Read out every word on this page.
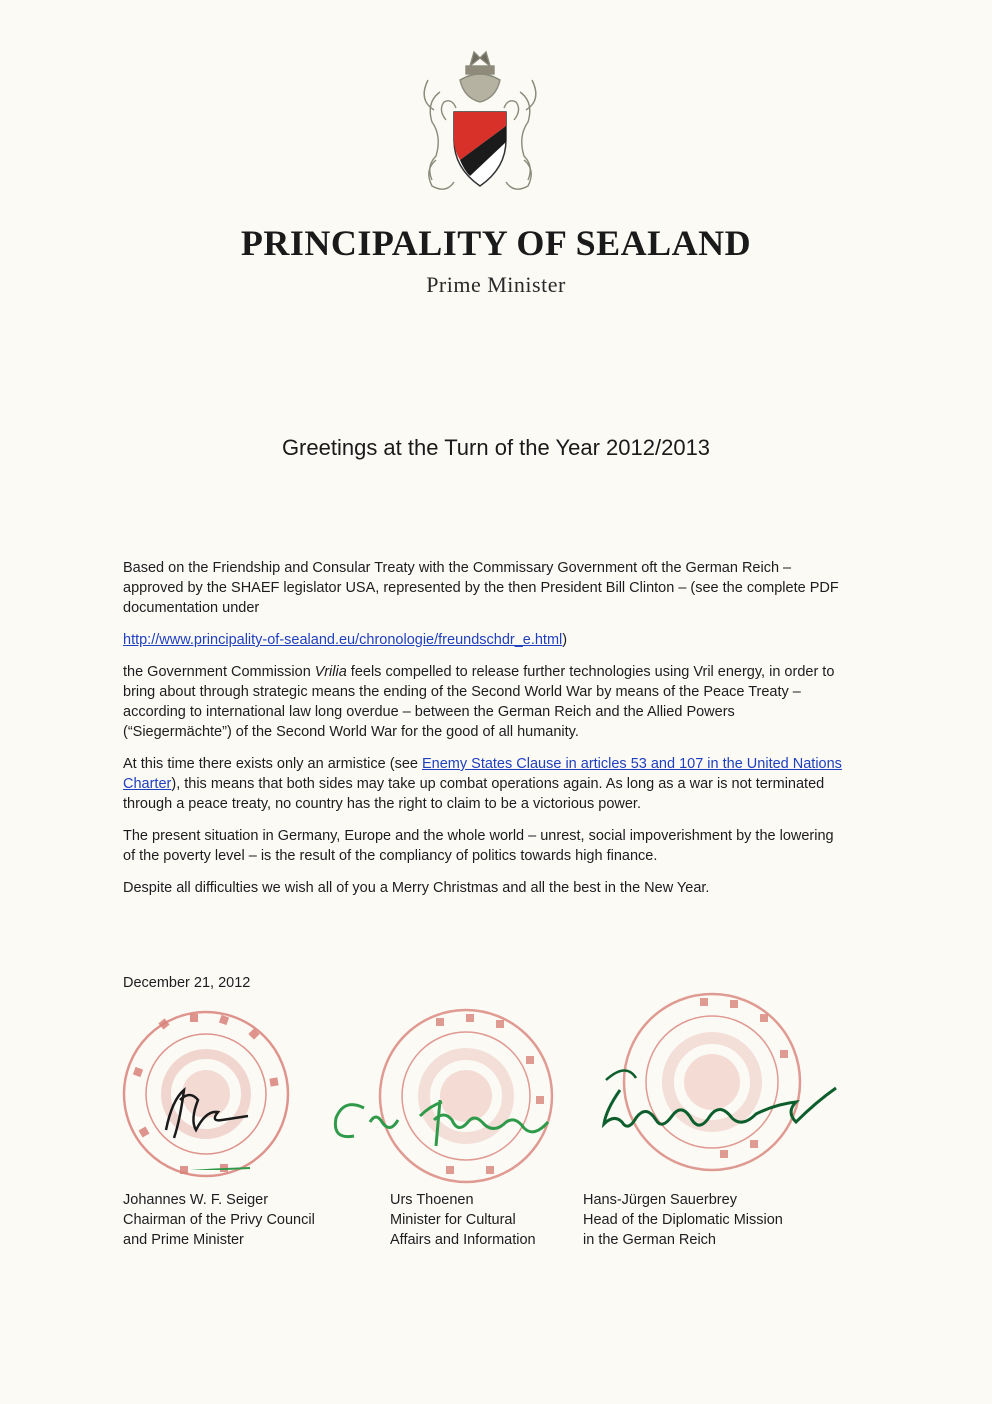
PRINCIPALITY OF SEALAND
Prime Minister
Greetings at the Turn of the Year 2012/2013

Based on the Friendship and Consular Treaty with the Commissary Government oft the German Reich – approved by the SHAEF legislator USA, represented by the then President Bill Clinton – (see the complete PDF documentation under

http://www.principality-of-sealand.eu/chronologie/freundschdr_e.html)

the Government Commission Vrilia feels compelled to release further technologies using Vril energy, in order to bring about through strategic means the ending of the Second World War by means of the Peace Treaty – according to international law long overdue – between the German Reich and the Allied Powers (“Siegermächte”) of the Second World War for the good of all humanity.

At this time there exists only an armistice (see Enemy States Clause in articles 53 and 107 in the United Nations Charter), this means that both sides may take up combat operations again. As long as a war is not terminated through a peace treaty, no country has the right to claim to be a victorious power.

The present situation in Germany, Europe and the whole world – unrest, social impoverishment by the lowering of the poverty level – is the result of the compliancy of politics towards high finance.

Despite all difficulties we wish all of you a Merry Christmas and all the best in the New Year.

December 21, 2012
Johannes W. F. Seiger
Chairman of the Privy Council
and Prime Minister
Urs Thoenen
Minister for Cultural
Affairs and Information
Hans-Jürgen Sauerbrey
Head of the Diplomatic Mission
in the German Reich
